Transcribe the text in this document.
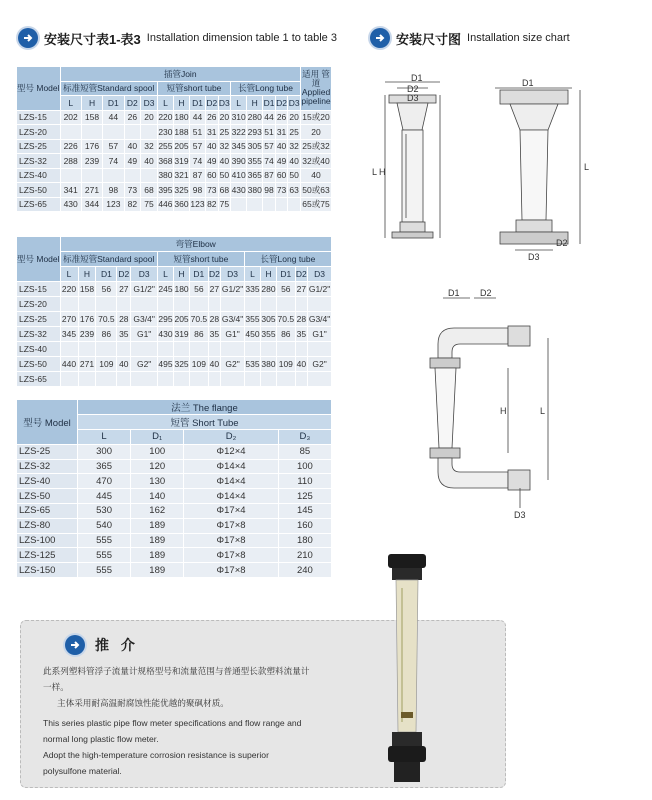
安装尺寸表1-表3 Installation dimension table 1 to table 3	安装尺寸图 Installation size chart
型号 Model	插管Join															适用 管道 Applied pipeline
	标准短管Standard spool					短管short tube					长管Long tube					
	L	H	D1	D2	D3	L	H	D1	D2	D3	L	H	D1	D2	D3	
LZS-15	202	158	44	26	20	220	180	44	26	20	310	280	44	26	20	15或20
LZS-20						230	188	51	31	25	322	293	51	31	25	20
LZS-25	226	176	57	40	32	255	205	57	40	32	345	305	57	40	32	25或32
LZS-32	288	239	74	49	40	368	319	74	49	40	390	355	74	49	40	32或40
LZS-40						380	321	87	60	50	410	365	87	60	50	40
LZS-50	341	271	98	73	68	395	325	98	73	68	430	380	98	73	63	50或63
LZS-65	430	344	123	82	75	446	360	123	82	75						65或75
型号 Model	弯管Elbow														
	标准短管Standard spool					短管short tube					长管Long tube				
	L	H	D1	D2	D3	L	H	D1	D2	D3	L	H	D1	D2	D3
LZS-15	220	158	56	27	G1/2"	245	180	56	27	G1/2"	335	280	56	27	G1/2"
LZS-20															
LZS-25	270	176	70.5	28	G3/4"	295	205	70.5	28	G3/4"	355	305	70.5	28	G3/4"
LZS-32	345	239	86	35	G1"	430	319	86	35	G1"	450	355	86	35	G1"
LZS-40															
LZS-50	440	271	109	40	G2"	495	325	109	40	G2"	535	380	109	40	G2"
LZS-65															
型号 Model	法兰 The flange			
	短管 Short Tube			
	L	D₁	D₂	D₃
LZS-25	300	100	Φ12×4	85
LZS-32	365	120	Φ14×4	100
LZS-40	470	130	Φ14×4	110
LZS-50	445	140	Φ14×4	125
LZS-65	530	162	Φ17×4	145
LZS-80	540	189	Φ17×8	160
LZS-100	555	189	Φ17×8	180
LZS-125	555	189	Φ17×8	210
LZS-150	555	189	Φ17×8	240
D1
D2
D3
L H
D1
L
D2
D3
D1 D2
H	L
D3
推 介

此系列塑料管浮子流量计规格型号和流量范围与普通型长款塑料流量计一样。

主体采用耐高温耐腐蚀性能优越的聚砜材质。

This series plastic pipe flow meter specifications and flow range and normal long plastic flow meter.

Adopt the high-temperature corrosion resistance is superior polysulfone material.
